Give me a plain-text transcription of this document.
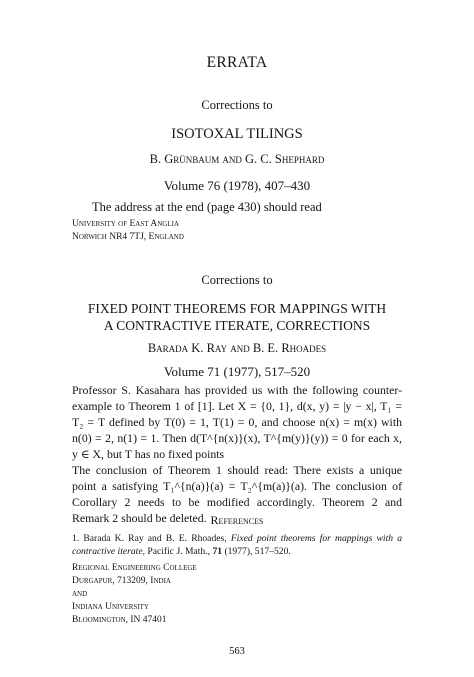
ERRATA
Corrections to
ISOTOXAL TILINGS
B. Grünbaum and G. C. Shephard
Volume 76 (1978), 407–430
The address at the end (page 430) should read
University of East Anglia
Norwich NR4 7TJ, England
Corrections to
FIXED POINT THEOREMS FOR MAPPINGS WITH
A CONTRACTIVE ITERATE, CORRECTIONS
Barada K. Ray and B. E. Rhoades
Volume 71 (1977), 517–520

Professor S. Kasahara has provided us with the following counter-example to Theorem 1 of [1]. Let X = {0, 1}, d(x, y) = |y − x|, T₁ = T₂ = T defined by T(0) = 1, T(1) = 0, and choose n(x) = m(x) with n(0) = 2, n(1) = 1. Then d(T^{n(x)}(x), T^{m(y)}(y)) = 0 for each x, y ∈ X, but T has no fixed points

The conclusion of Theorem 1 should read: There exists a unique point a satisfying T₁^{n(a)}(a) = T₂^{m(a)}(a). The conclusion of Corollary 2 needs to be modified accordingly. Theorem 2 and Remark 2 should be deleted. References
1. Barada K. Ray and B. E. Rhoades, Fixed point theorems for mappings with a contractive iterate, Pacific J. Math., 71 (1977), 517–520.
Regional Engineering College
Durgapur, 713209, India
and
Indiana University
Bloomington, IN 47401
563
